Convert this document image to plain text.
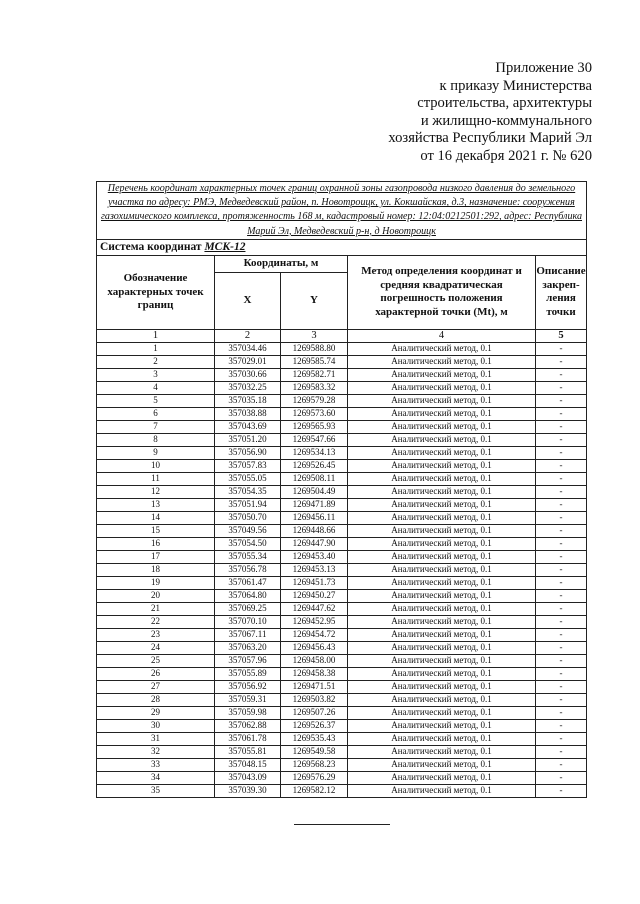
Приложение 30
к приказу Министерства
строительства, архитектуры
и жилищно-коммунального
хозяйства Республики Марий Эл
от 16 декабря 2021 г. № 620
Перечень координат характерных точек границ охранной зоны газопровода низкого давления до земельного участка по адресу: РМЭ, Медведевский район, п. Новотроицк, ул. Кокшайская, д.3, назначение: сооружения газохимического комплекса, протяженность 168 м, кадастровый номер: 12:04:0212501:292, адрес: Республика Марий Эл, Медведевский р-н, д Новотроицк				
Система координат МСК-12				
Обозначение характерных точек границ	Координаты, м		Метод определения координат и средняя квадратическая погрешность положения характерной точки (Mt), м	Описание закреп-ления точки
	X	Y		
1	2	3	4	5
1	357034.46	1269588.80	Аналитический метод, 0.1	-
2	357029.01	1269585.74	Аналитический метод, 0.1	-
3	357030.66	1269582.71	Аналитический метод, 0.1	-
4	357032.25	1269583.32	Аналитический метод, 0.1	-
5	357035.18	1269579.28	Аналитический метод, 0.1	-
6	357038.88	1269573.60	Аналитический метод, 0.1	-
7	357043.69	1269565.93	Аналитический метод, 0.1	-
8	357051.20	1269547.66	Аналитический метод, 0.1	-
9	357056.90	1269534.13	Аналитический метод, 0.1	-
10	357057.83	1269526.45	Аналитический метод, 0.1	-
11	357055.05	1269508.11	Аналитический метод, 0.1	-
12	357054.35	1269504.49	Аналитический метод, 0.1	-
13	357051.94	1269471.89	Аналитический метод, 0.1	-
14	357050.70	1269456.11	Аналитический метод, 0.1	-
15	357049.56	1269448.66	Аналитический метод, 0.1	-
16	357054.50	1269447.90	Аналитический метод, 0.1	-
17	357055.34	1269453.40	Аналитический метод, 0.1	-
18	357056.78	1269453.13	Аналитический метод, 0.1	-
19	357061.47	1269451.73	Аналитический метод, 0.1	-
20	357064.80	1269450.27	Аналитический метод, 0.1	-
21	357069.25	1269447.62	Аналитический метод, 0.1	-
22	357070.10	1269452.95	Аналитический метод, 0.1	-
23	357067.11	1269454.72	Аналитический метод, 0.1	-
24	357063.20	1269456.43	Аналитический метод, 0.1	-
25	357057.96	1269458.00	Аналитический метод, 0.1	-
26	357055.89	1269458.38	Аналитический метод, 0.1	-
27	357056.92	1269471.51	Аналитический метод, 0.1	-
28	357059.31	1269503.82	Аналитический метод, 0.1	-
29	357059.98	1269507.26	Аналитический метод, 0.1	-
30	357062.88	1269526.37	Аналитический метод, 0.1	-
31	357061.78	1269535.43	Аналитический метод, 0.1	-
32	357055.81	1269549.58	Аналитический метод, 0.1	-
33	357048.15	1269568.23	Аналитический метод, 0.1	-
34	357043.09	1269576.29	Аналитический метод, 0.1	-
35	357039.30	1269582.12	Аналитический метод, 0.1	-
